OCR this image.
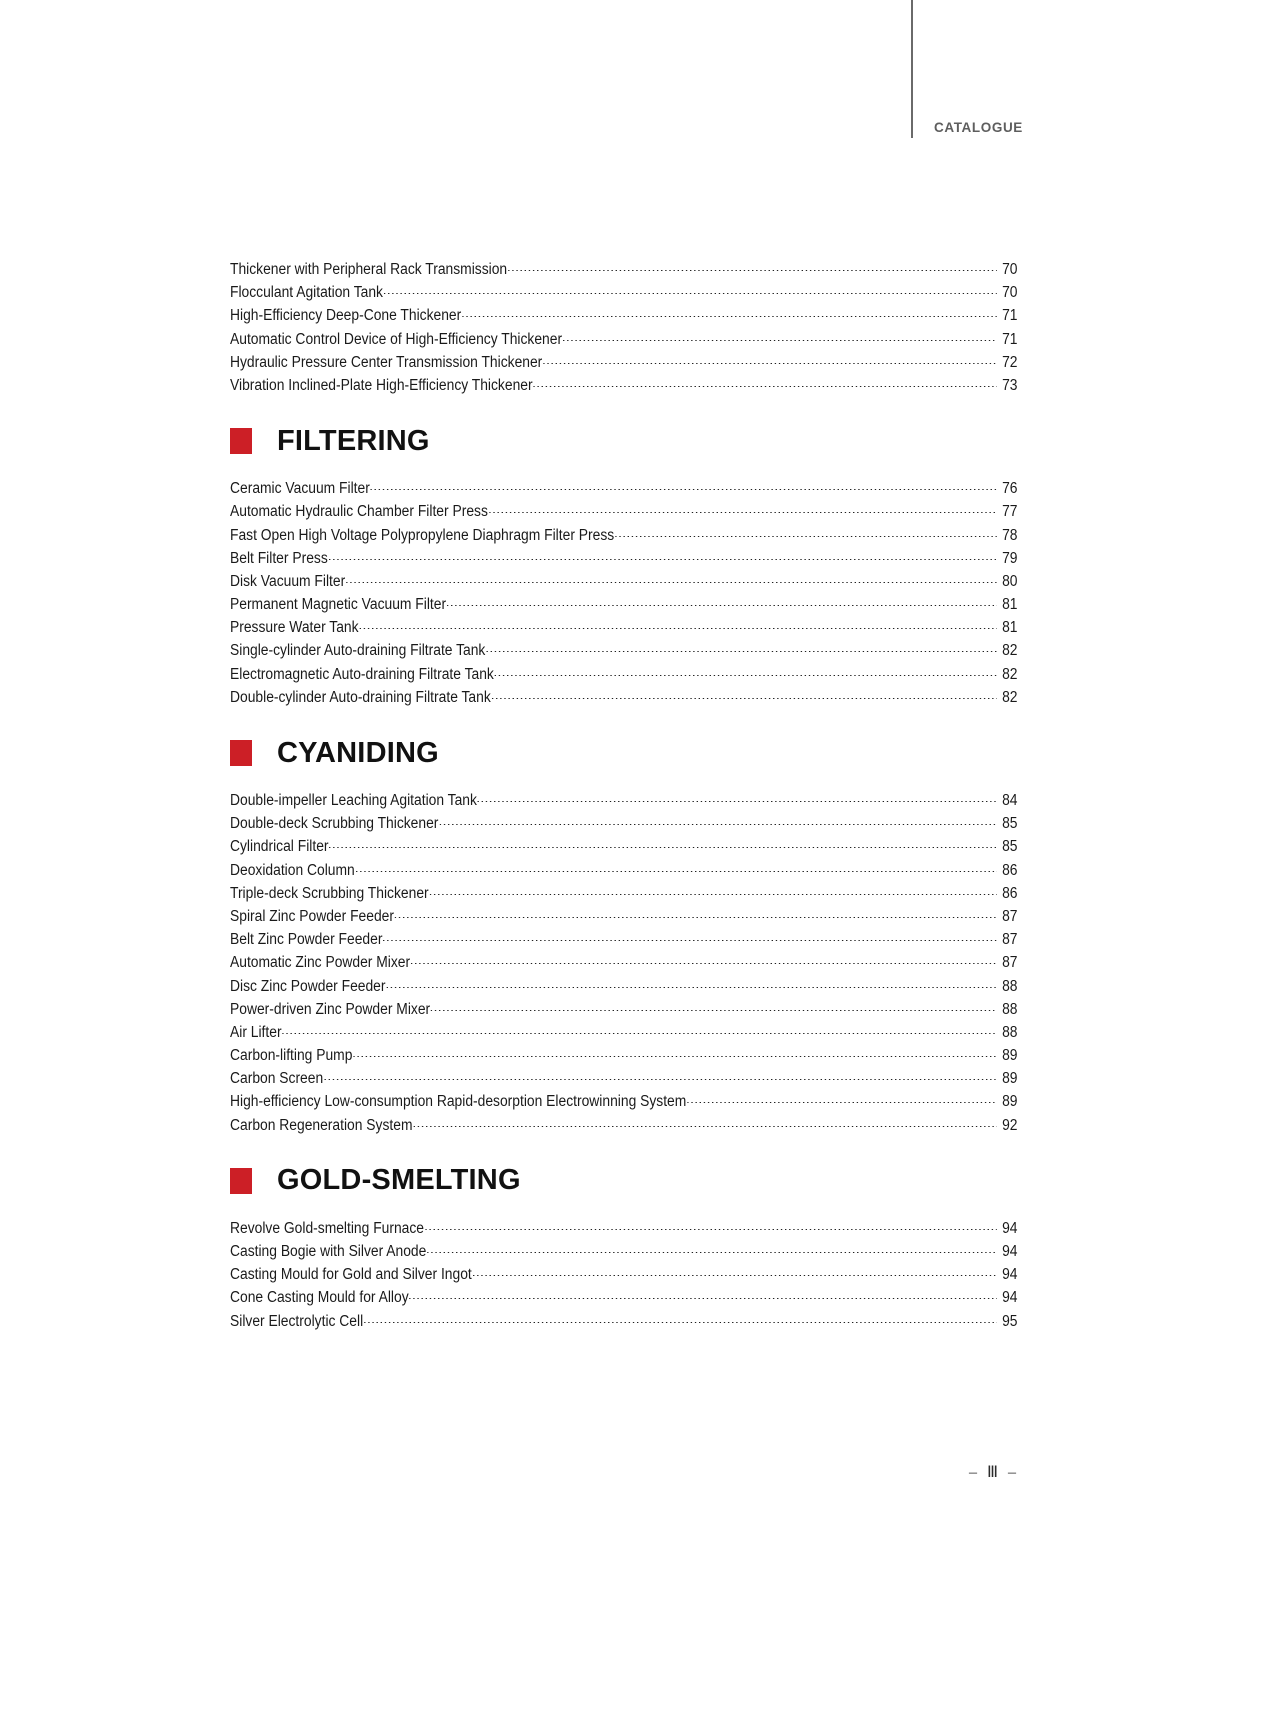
CATALOGUE
Thickener with Peripheral Rack Transmission	70
Flocculant Agitation Tank	70
High-Efficiency Deep-Cone Thickener	71
Automatic Control Device of High-Efficiency Thickener	71
Hydraulic Pressure Center Transmission Thickener	72
Vibration Inclined-Plate High-Efficiency Thickener	73
FILTERING
Ceramic Vacuum Filter	76
Automatic Hydraulic Chamber Filter Press	77
Fast Open High Voltage Polypropylene Diaphragm Filter Press	78
Belt Filter Press	79
Disk Vacuum Filter	80
Permanent Magnetic Vacuum Filter	81
Pressure Water Tank	81
Single-cylinder Auto-draining Filtrate Tank	82
Electromagnetic Auto-draining Filtrate Tank	82
Double-cylinder Auto-draining Filtrate Tank	82
CYANIDING
Double-impeller Leaching Agitation Tank	84
Double-deck Scrubbing Thickener	85
Cylindrical Filter	85
Deoxidation Column	86
Triple-deck Scrubbing Thickener	86
Spiral Zinc Powder Feeder	87
Belt Zinc Powder Feeder	87
Automatic Zinc Powder Mixer	87
Disc Zinc Powder Feeder	88
Power-driven Zinc Powder Mixer	88
Air Lifter	88
Carbon-lifting Pump	89
Carbon Screen	89
High-efficiency Low-consumption Rapid-desorption Electrowinning System	89
Carbon Regeneration System	92
GOLD-SMELTING
Revolve Gold-smelting Furnace	94
Casting Bogie with Silver Anode	94
Casting Mould for Gold and Silver Ingot	94
Cone Casting Mould for Alloy	94
Silver Electrolytic Cell	95
– Ⅲ –
